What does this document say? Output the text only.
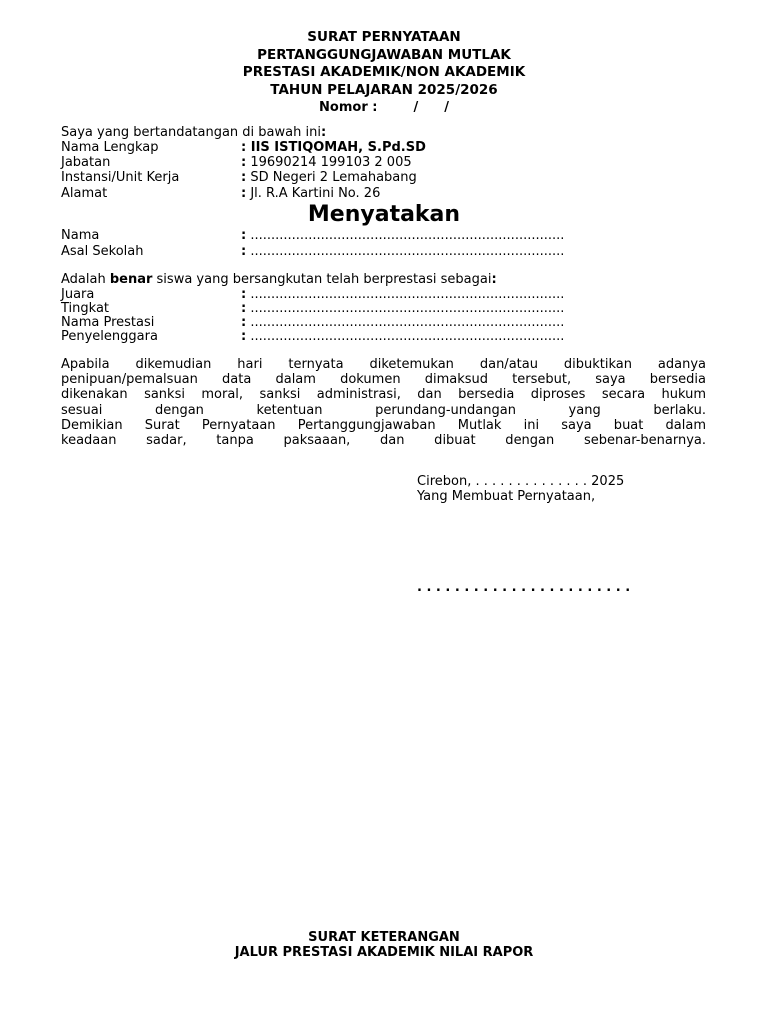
SURAT PERNYATAAN
PERTANGGUNGJAWABAN MUTLAK
PRESTASI AKADEMIK/NON AKADEMIK
TAHUN PELAJARAN 2025/2026
Nomor :	/ /
Saya yang bertandatangan di bawah ini:
Nama Lengkap	: IIS ISTIQOMAH, S.Pd.SD
Jabatan	: 19690214 199103 2 005
Instansi/Unit Kerja	: SD Negeri 2 Lemahabang
Alamat	: Jl. R.A Kartini No. 26
Menyatakan
Nama	: ............................................................................
Asal Sekolah	: ............................................................................
Adalah benar siswa yang bersangkutan telah berprestasi sebagai:
Juara	: ............................................................................
Tingkat	: ............................................................................
Nama Prestasi	: ............................................................................
Penyelenggara	: ............................................................................
Apabila dikemudian hari ternyata diketemukan dan/atau dibuktikan adanya
penipuan/pemalsuan data dalam dokumen dimaksud tersebut, saya bersedia
dikenakan sanksi moral, sanksi administrasi, dan bersedia diproses secara hukum
sesuai dengan ketentuan perundang-undangan yang berlaku.
Demikian Surat Pernyataan Pertanggungjawaban Mutlak ini saya buat dalam
keadaan sadar, tanpa paksaaan, dan dibuat dengan sebenar-benarnya.
Cirebon, . . . . . . . . . . . . . . 2025
Yang Membuat Pernyataan,
. . . . . . . . . . . . . . . . . . . . . . .
SURAT KETERANGAN
JALUR PRESTASI AKADEMIK NILAI RAPOR
